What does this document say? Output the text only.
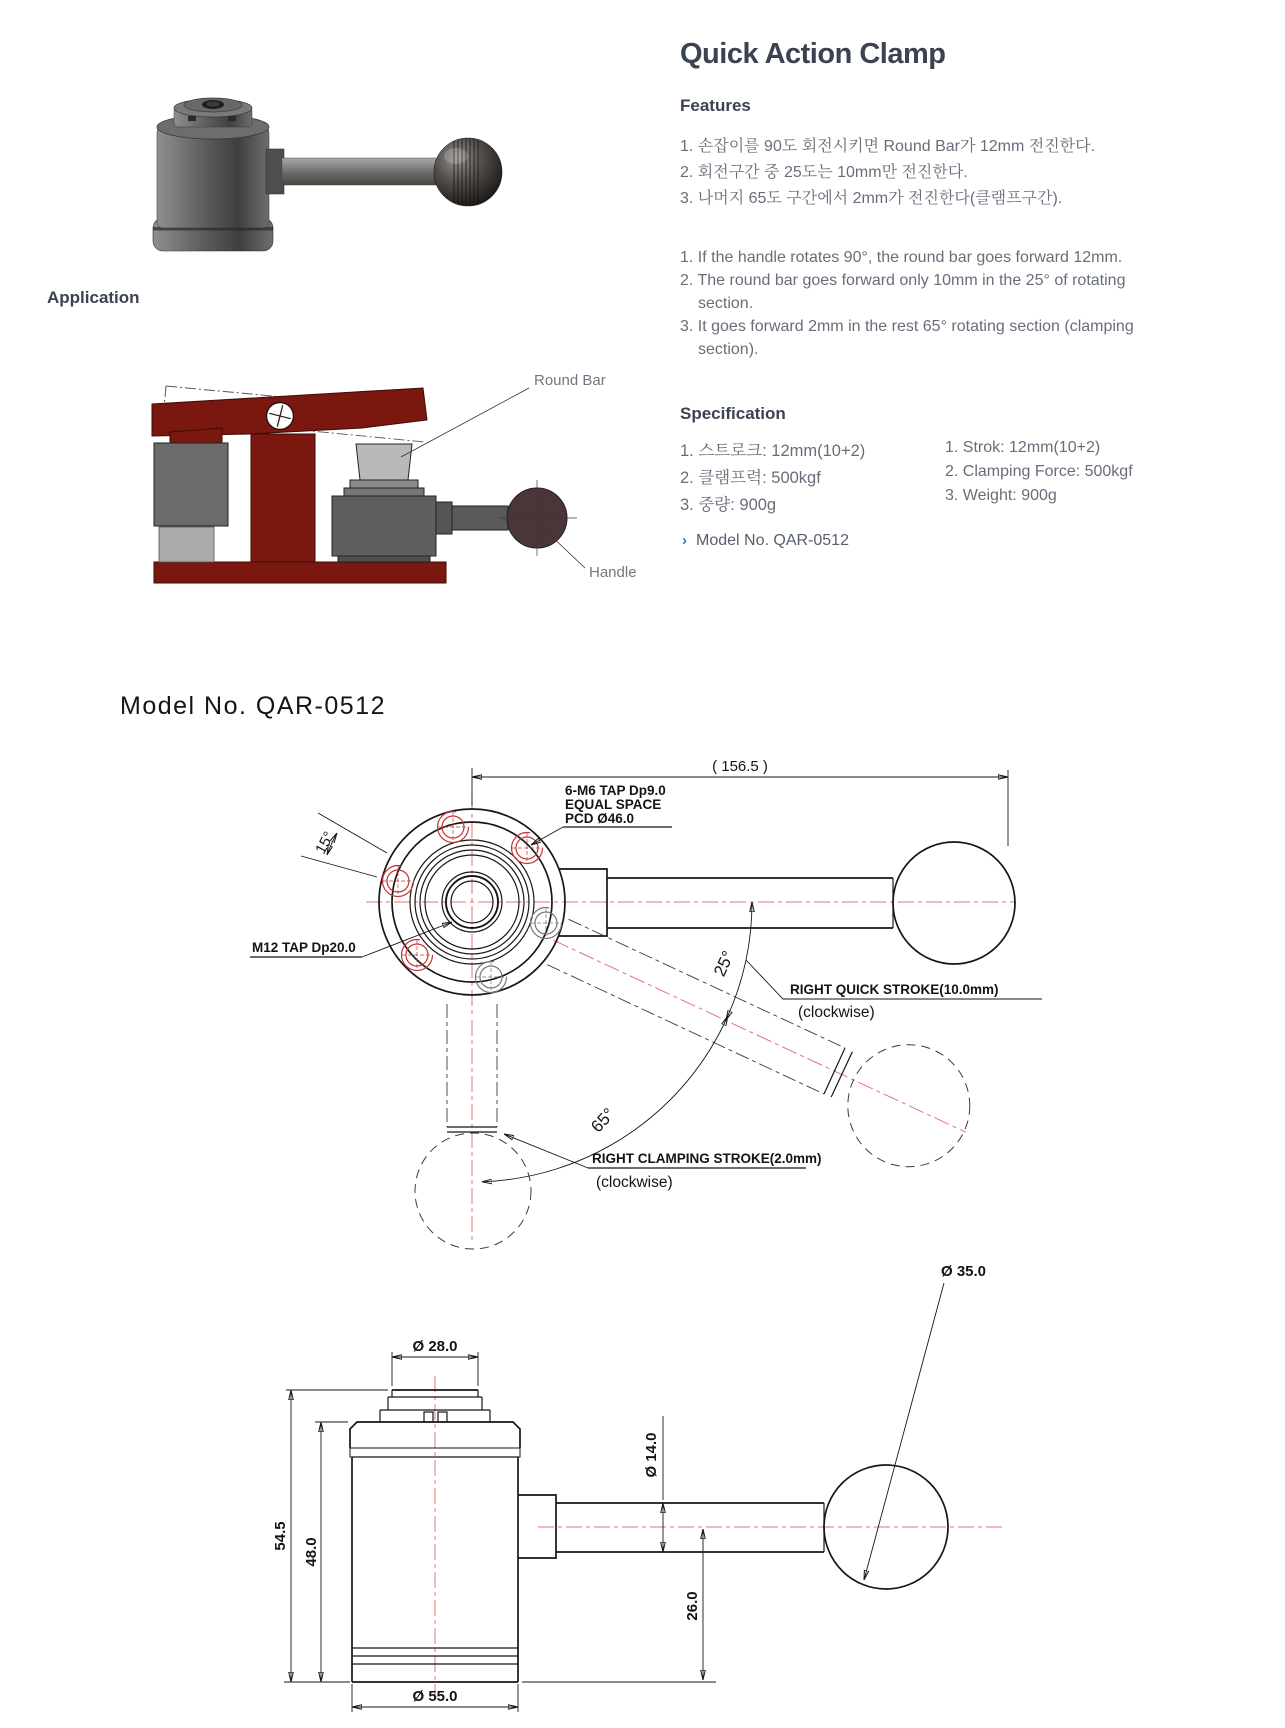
Quick Action Clamp
Features
1. 손잡이를 90도 회전시키면 Round Bar가 12mm 전진한다.
2. 회전구간 중 25도는 10mm만 전진한다.
3. 나머지 65도 구간에서 2mm가 전진한다(클램프구간).
1. If the handle rotates 90°, the round bar goes forward 12mm.
2. The round bar goes forward only 10mm in the 25° of rotating section.
3. It goes forward 2mm in the rest 65° rotating section (clamping section).
Specification
1. 스트로크: 12mm(10+2)
2. 클램프력: 500kgf
3. 중량: 900g
1. Strok: 12mm(10+2)
2. Clamping Force: 500kgf
3. Weight: 900g
› Model No. QAR-0512
Application
Round Bar
Handle
Model No. QAR-0512
( 156.5 )
15°
6-M6 TAP Dp9.0
EQUAL SPACE
PCD Ø46.0
M12 TAP Dp20.0
25°
RIGHT QUICK STROKE(10.0mm)
(clockwise)
65°
RIGHT CLAMPING STROKE(2.0mm)
(clockwise)
Ø 28.0
54.5
48.0
Ø 14.0
26.0
Ø 55.0
Ø 35.0
